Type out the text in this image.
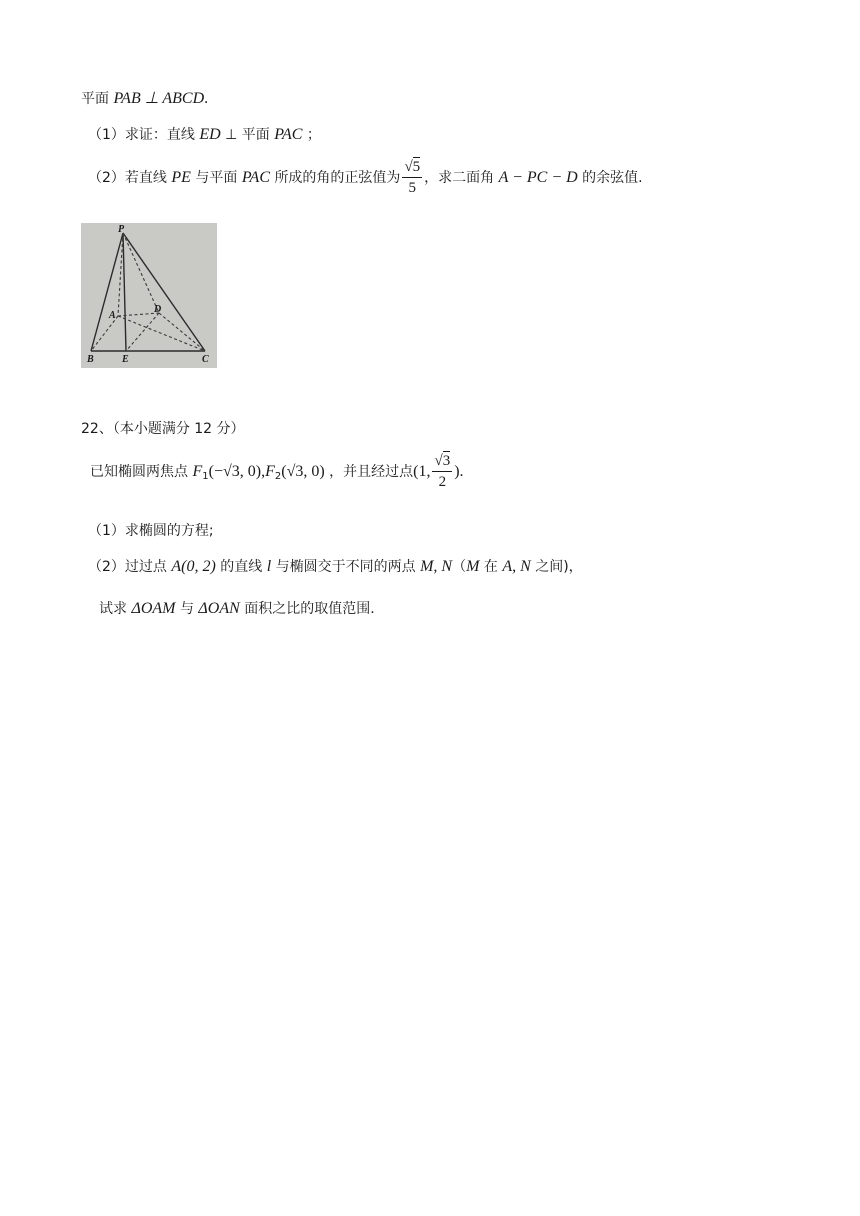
平面 PAB ⊥ ABCD.
（1）求证：直线 ED ⊥ 平面 PAC ；
（2）若直线 PE 与平面 PAC 所成的角的正弦值为 $\frac{√5}{5}$ ，求二面角 A − PC − D 的余弦值.
P
A
D
B	E	C
22、（本小题满分 12 分）
已知椭圆两焦点 $F_1(-√3$, $0),F_2(√3$, 0) ，并且经过点(1, $\frac{√3}{2}$ ).
（1）求椭圆的方程;
（2）过过点 A(0, 2) 的直线 l 与椭圆交于不同的两点 M, N（M 在 A, N 之间)，
试求 ΔOAM 与 ΔOAN 面积之比的取值范围.
